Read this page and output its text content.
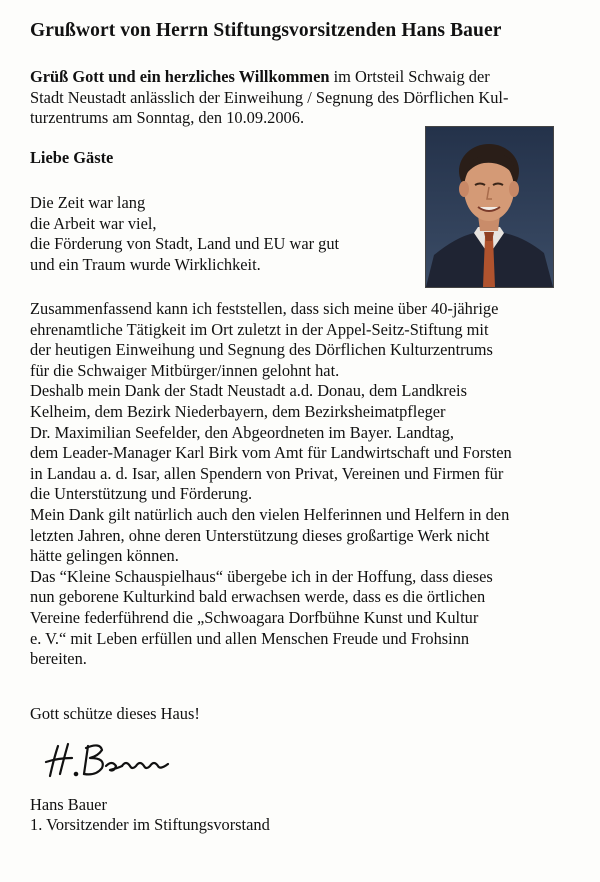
Grußwort von Herrn Stiftungsvorsitzenden Hans Bauer
Grüß Gott und ein herzliches Willkommen im Ortsteil Schwaig der
Stadt Neustadt anlässlich der Einweihung / Segnung des Dörflichen Kul-
turzentrums am Sonntag, den 10.09.2006.
Liebe Gäste
Die Zeit war lang
die Arbeit war viel,
die Förderung von Stadt, Land und EU war gut
und ein Traum wurde Wirklichkeit.
Zusammenfassend kann ich feststellen, dass sich meine über 40-jährige
ehrenamtliche Tätigkeit im Ort zuletzt in der Appel-Seitz-Stiftung mit
der heutigen Einweihung und Segnung des Dörflichen Kulturzentrums
für die Schwaiger Mitbürger/innen gelohnt hat.
Deshalb mein Dank der Stadt Neustadt a.d. Donau, dem Landkreis
Kelheim, dem Bezirk Niederbayern, dem Bezirksheimatpfleger
Dr. Maximilian Seefelder, den Abgeordneten im Bayer. Landtag,
dem Leader-Manager Karl Birk vom Amt für Landwirtschaft und Forsten
in Landau a. d. Isar, allen Spendern von Privat, Vereinen und Firmen für
die Unterstützung und Förderung.
Mein Dank gilt natürlich auch den vielen Helferinnen und Helfern in den
letzten Jahren, ohne deren Unterstützung dieses großartige Werk nicht
hätte gelingen können.
Das “Kleine Schauspielhaus“ übergebe ich in der Hoffung, dass dieses
nun geborene Kulturkind bald erwachsen werde, dass es die örtlichen
Vereine federführend die „Schwoagara Dorfbühne Kunst und Kultur
e. V.“ mit Leben erfüllen und allen Menschen Freude und Frohsinn
bereiten.
Gott schütze dieses Haus!
Hans Bauer
1. Vorsitzender im Stiftungsvorstand
